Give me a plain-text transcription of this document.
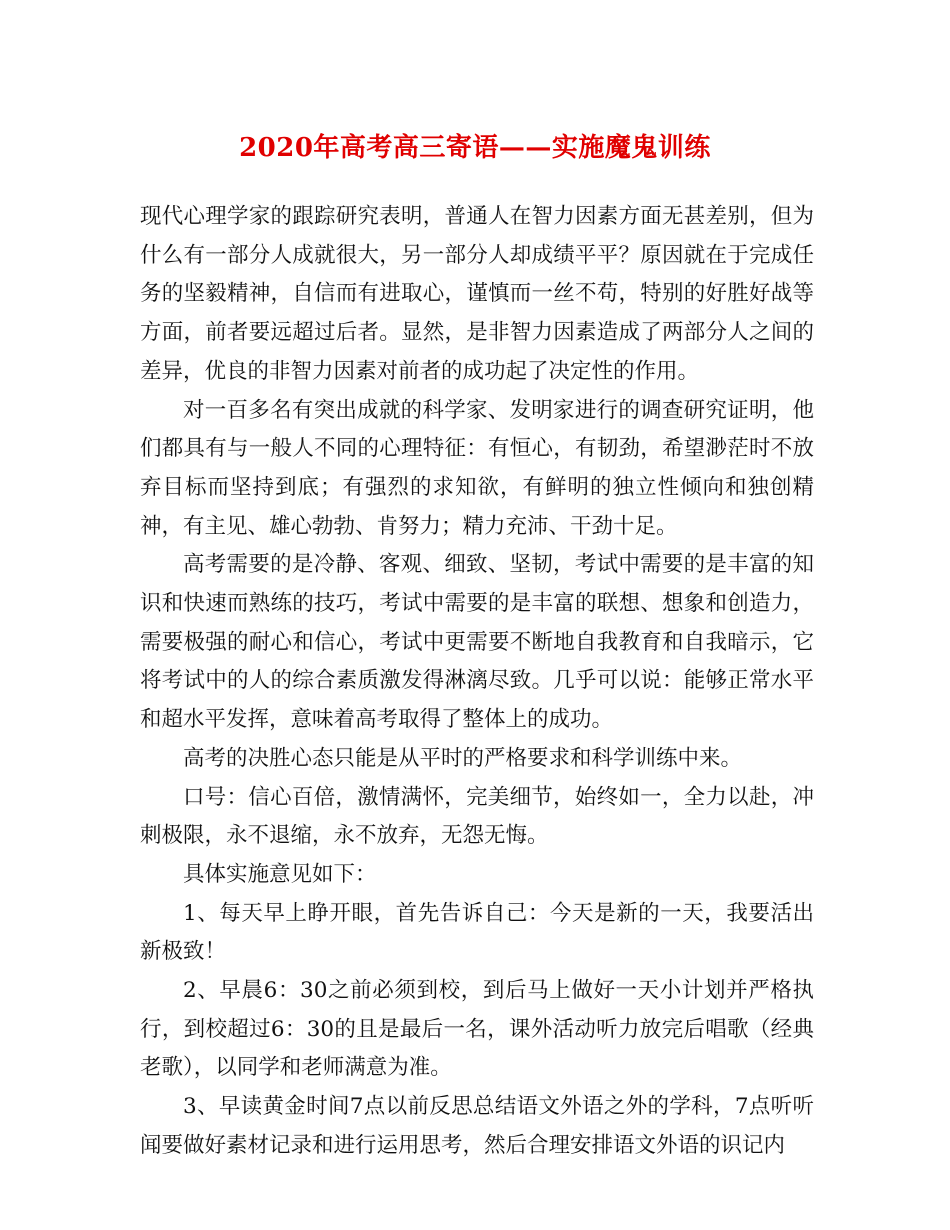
2020年高考高三寄语——实施魔鬼训练

现代心理学家的跟踪研究表明，普通人在智力因素方面无甚差别，但为什么有一部分人成就很大，另一部分人却成绩平平？原因就在于完成任务的坚毅精神，自信而有进取心，谨慎而一丝不苟，特别的好胜好战等方面，前者要远超过后者。显然，是非智力因素造成了两部分人之间的差异，优良的非智力因素对前者的成功起了决定性的作用。

对一百多名有突出成就的科学家、发明家进行的调查研究证明，他们都具有与一般人不同的心理特征：有恒心，有韧劲，希望渺茫时不放弃目标而坚持到底；有强烈的求知欲，有鲜明的独立性倾向和独创精神，有主见、雄心勃勃、肯努力；精力充沛、干劲十足。

高考需要的是冷静、客观、细致、坚韧，考试中需要的是丰富的知识和快速而熟练的技巧，考试中需要的是丰富的联想、想象和创造力，需要极强的耐心和信心，考试中更需要不断地自我教育和自我暗示，它将考试中的人的综合素质激发得淋漓尽致。几乎可以说：能够正常水平和超水平发挥，意味着高考取得了整体上的成功。

高考的决胜心态只能是从平时的严格要求和科学训练中来。

口号：信心百倍，激情满怀，完美细节，始终如一，全力以赴，冲刺极限，永不退缩，永不放弃，无怨无悔。

具体实施意见如下：

1、每天早上睁开眼，首先告诉自己：今天是新的一天，我要活出新极致！

2、早晨6：30之前必须到校，到后马上做好一天小计划并严格执行，到校超过6：30的且是最后一名，课外活动听力放完后唱歌（经典老歌），以同学和老师满意为准。

3、早读黄金时间7点以前反思总结语文外语之外的学科，7点听听闻要做好素材记录和进行运用思考，然后合理安排语文外语的识记内
